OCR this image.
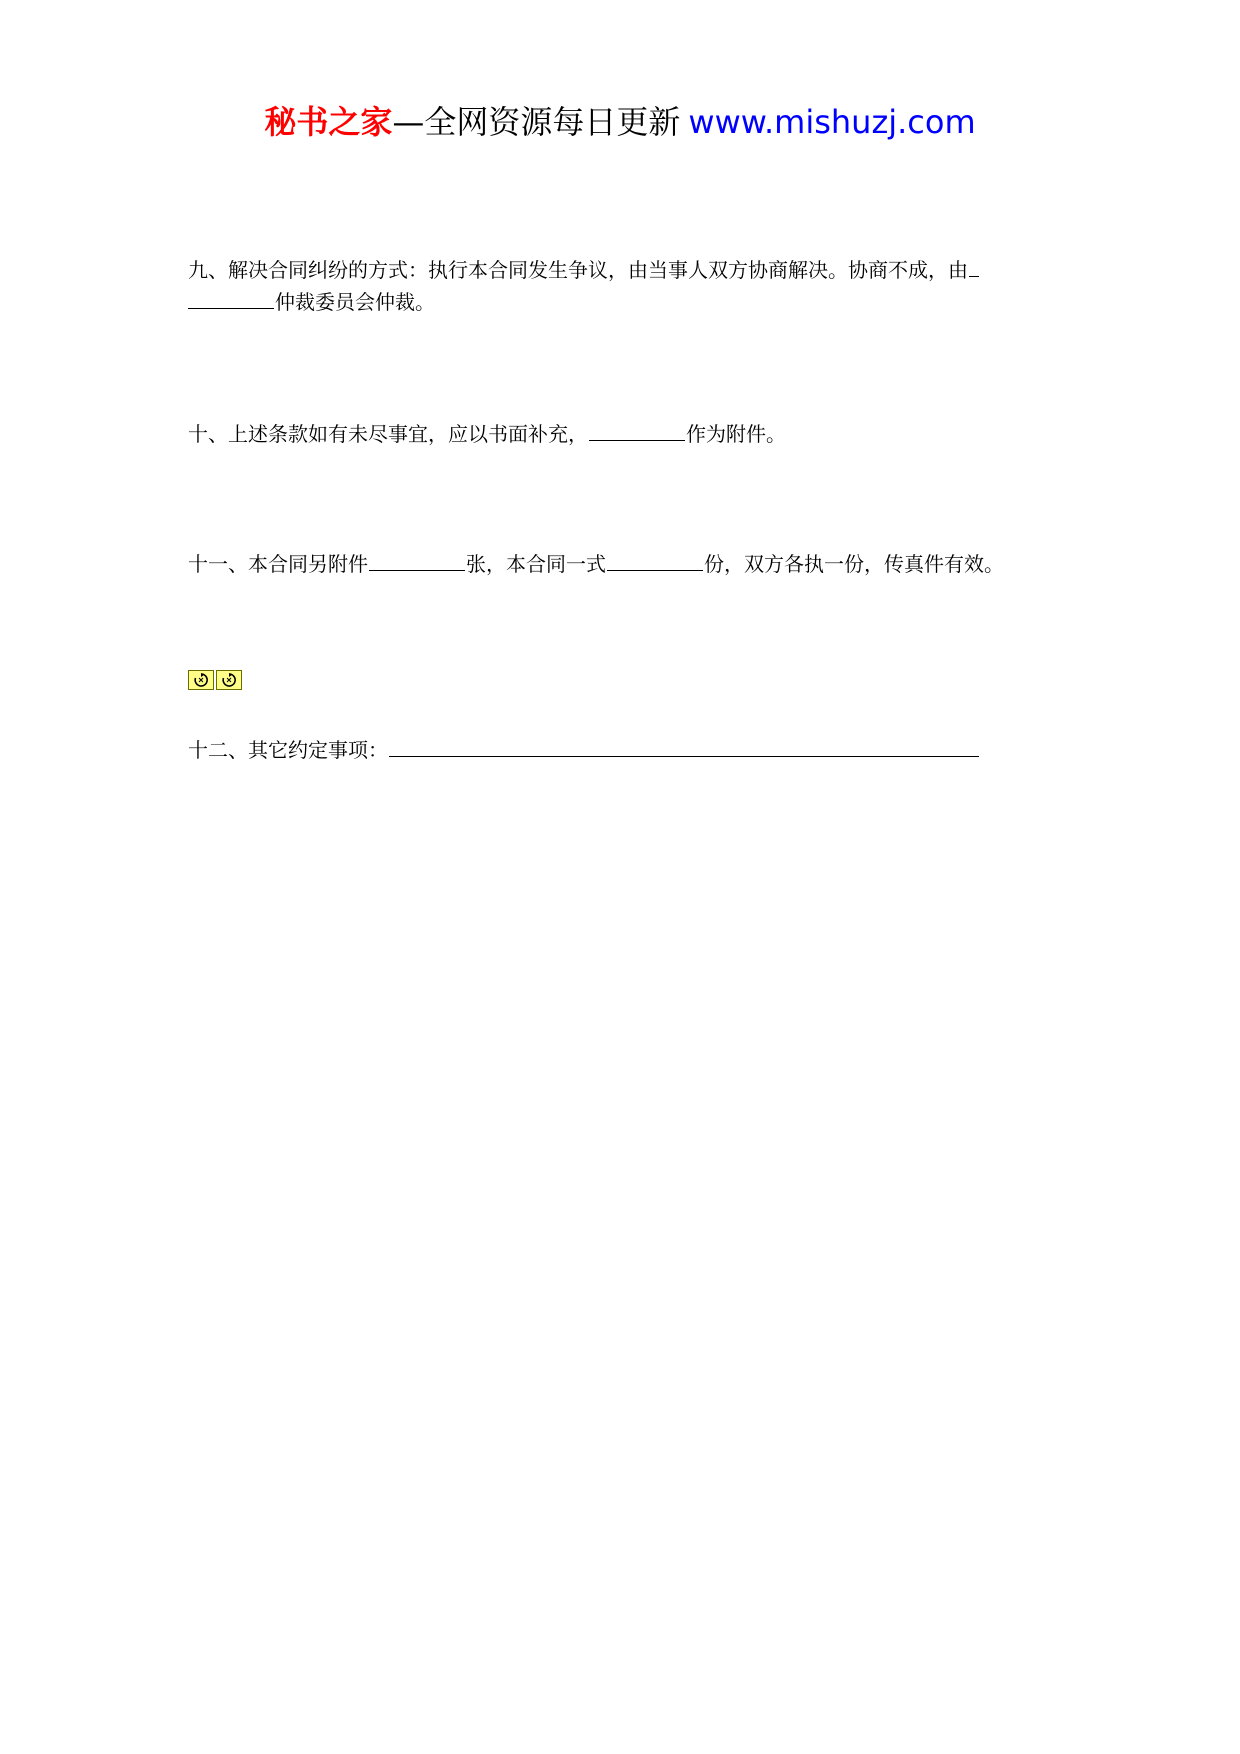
秘书之家—全网资源每日更新 www.mishuzj.com
九、解决合同纠纷的方式：执行本合同发生争议，由当事人双方协商解决。协商不成，由
仲裁委员会仲裁。
十、上述条款如有未尽事宜，应以书面补充，	作为附件。
十一、本合同另附件	张，本合同一式	份，双方各执一份，传真件有效。
十二、其它约定事项：
